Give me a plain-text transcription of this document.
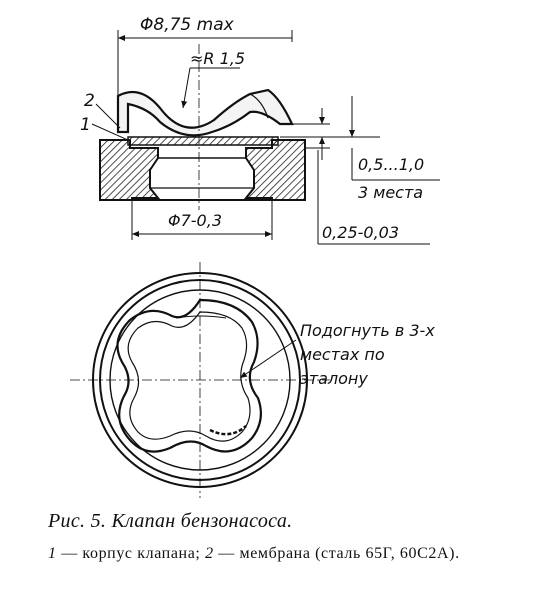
Φ8,75 max
≈R 1,5
2
1
0,5...1,0
3 места
Φ7-0,3
0,25-0,03
Подогнуть в 3-х
местах по
эталону
Рис. 5. Клапан бензонасоса.
1 — корпус клапана; 2 — мембрана (сталь 65Г, 60С2А).
